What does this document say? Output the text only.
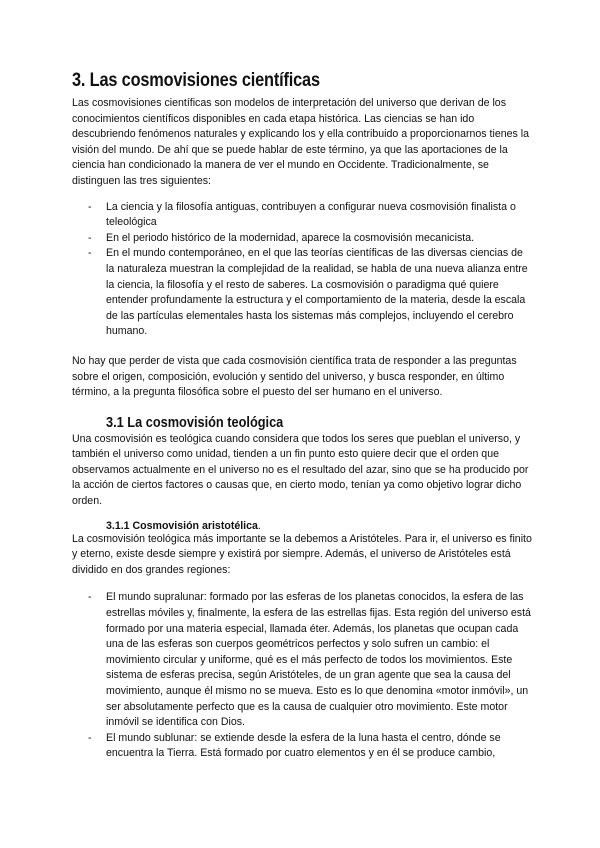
3. Las cosmovisiones científicas

Las cosmovisiones científicas son modelos de interpretación del universo que derivan de los conocimientos científicos disponibles en cada etapa histórica. Las ciencias se han ido descubriendo fenómenos naturales y explicando los y ella contribuido a proporcionarnos tienes la visión del mundo. De ahí que se puede hablar de este término, ya que las aportaciones de la ciencia han condicionado la manera de ver el mundo en Occidente. Tradicionalmente, se distinguen las tres siguientes:

- La ciencia y la filosofía antiguas, contribuyen a configurar nueva cosmovisión finalista o teleológica
- En el periodo histórico de la modernidad, aparece la cosmovisión mecanicista.
- En el mundo contemporáneo, en el que las teorías científicas de las diversas ciencias de la naturaleza muestran la complejidad de la realidad, se habla de una nueva alianza entre la ciencia, la filosofía y el resto de saberes. La cosmovisión o paradigma qué quiere entender profundamente la estructura y el comportamiento de la materia, desde la escala de las partículas elementales hasta los sistemas más complejos, incluyendo el cerebro humano.

No hay que perder de vista que cada cosmovisión científica trata de responder a las preguntas sobre el origen, composición, evolución y sentido del universo, y busca responder, en último término, a la pregunta filosófica sobre el puesto del ser humano en el universo.

3.1 La cosmovisión teológica

Una cosmovisión es teológica cuando considera que todos los seres que pueblan el universo, y también el universo como unidad, tienden a un fin punto esto quiere decir que el orden que observamos actualmente en el universo no es el resultado del azar, sino que se ha producido por la acción de ciertos factores o causas que, en cierto modo, tenían ya como objetivo lograr dicho orden.

3.1.1 Cosmovisión aristotélica.

La cosmovisión teológica más importante se la debemos a Aristóteles. Para ir, el universo es finito y eterno, existe desde siempre y existirá por siempre. Además, el universo de Aristóteles está dividido en dos grandes regiones:

- El mundo supralunar: formado por las esferas de los planetas conocidos, la esfera de las estrellas móviles y, finalmente, la esfera de las estrellas fijas. Esta región del universo está formado por una materia especial, llamada éter. Además, los planetas que ocupan cada una de las esferas son cuerpos geométricos perfectos y solo sufren un cambio: el movimiento circular y uniforme, qué es el más perfecto de todos los movimientos. Este sistema de esferas precisa, según Aristóteles, de un gran agente que sea la causa del movimiento, aunque él mismo no se mueva. Esto es lo que denomina «motor inmóvil», un ser absolutamente perfecto que es la causa de cualquier otro movimiento. Este motor inmóvil se identifica con Dios.
- El mundo sublunar: se extiende desde la esfera de la luna hasta el centro, dónde se encuentra la Tierra. Está formado por cuatro elementos y en él se produce cambio,
